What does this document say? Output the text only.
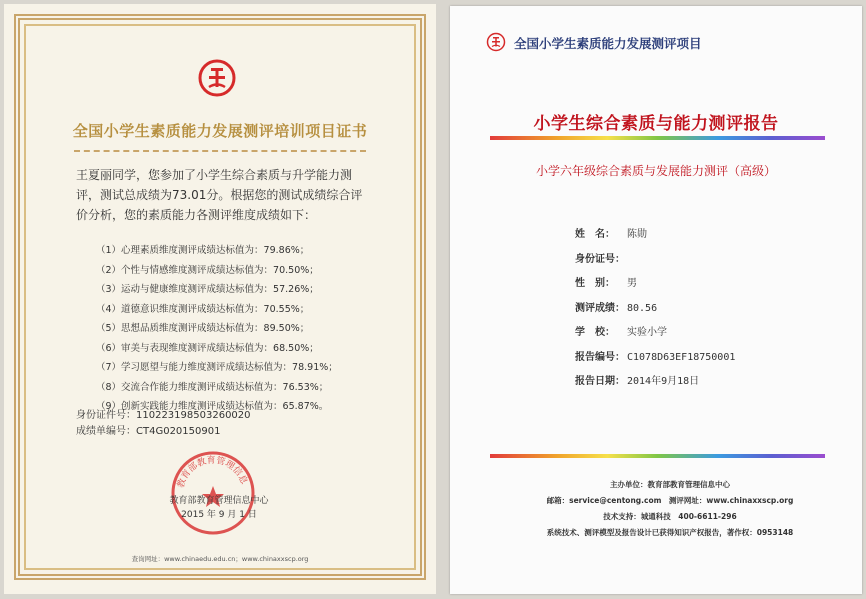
全国小学生素质能力发展测评培训项目证书
王夏丽同学，您参加了小学生综合素质与升学能力测评，测试总成绩为73.01分。根据您的测试成绩综合评价分析，您的素质能力各测评维度成绩如下：
（1）心理素质维度测评成绩达标值为：79.86%；
（2）个性与情感维度测评成绩达标值为：70.50%；
（3）运动与健康维度测评成绩达标值为：57.26%；
（4）道德意识维度测评成绩达标值为：70.55%；
（5）思想品质维度测评成绩达标值为：89.50%；
（6）审美与表现维度测评成绩达标值为：68.50%；
（7）学习愿望与能力维度测评成绩达标值为：78.91%；
（8）交流合作能力维度测评成绩达标值为：76.53%；
（9）创新实践能力维度测评成绩达标值为：65.87%。
身份证件号：110223198503260020
成绩单编号：CT4G020150901
教育部教育管理信息
教育部教育管理信息中心
2015 年 9 月 1 日
查询网址：www.chinaedu.edu.cn；www.chinaxxscp.org
全国小学生素质能力发展测评项目
小学生综合素质与能力测评报告
小学六年级综合素质与发展能力测评（高级）
姓　名： 陈勋
身份证号：
性　别： 男
测评成绩： 80.56
学　校： 实验小学
报告编号： C1078D63EF18750001
报告日期： 2014年9月18日
主办单位：教育部教育管理信息中心
邮箱：service@centong.com　测评网址：www.chinaxxscp.org
技术支持：城通科技　400-6611-296
系统技术、测评模型及报告设计已获得知识产权报告，著作权：0953148
